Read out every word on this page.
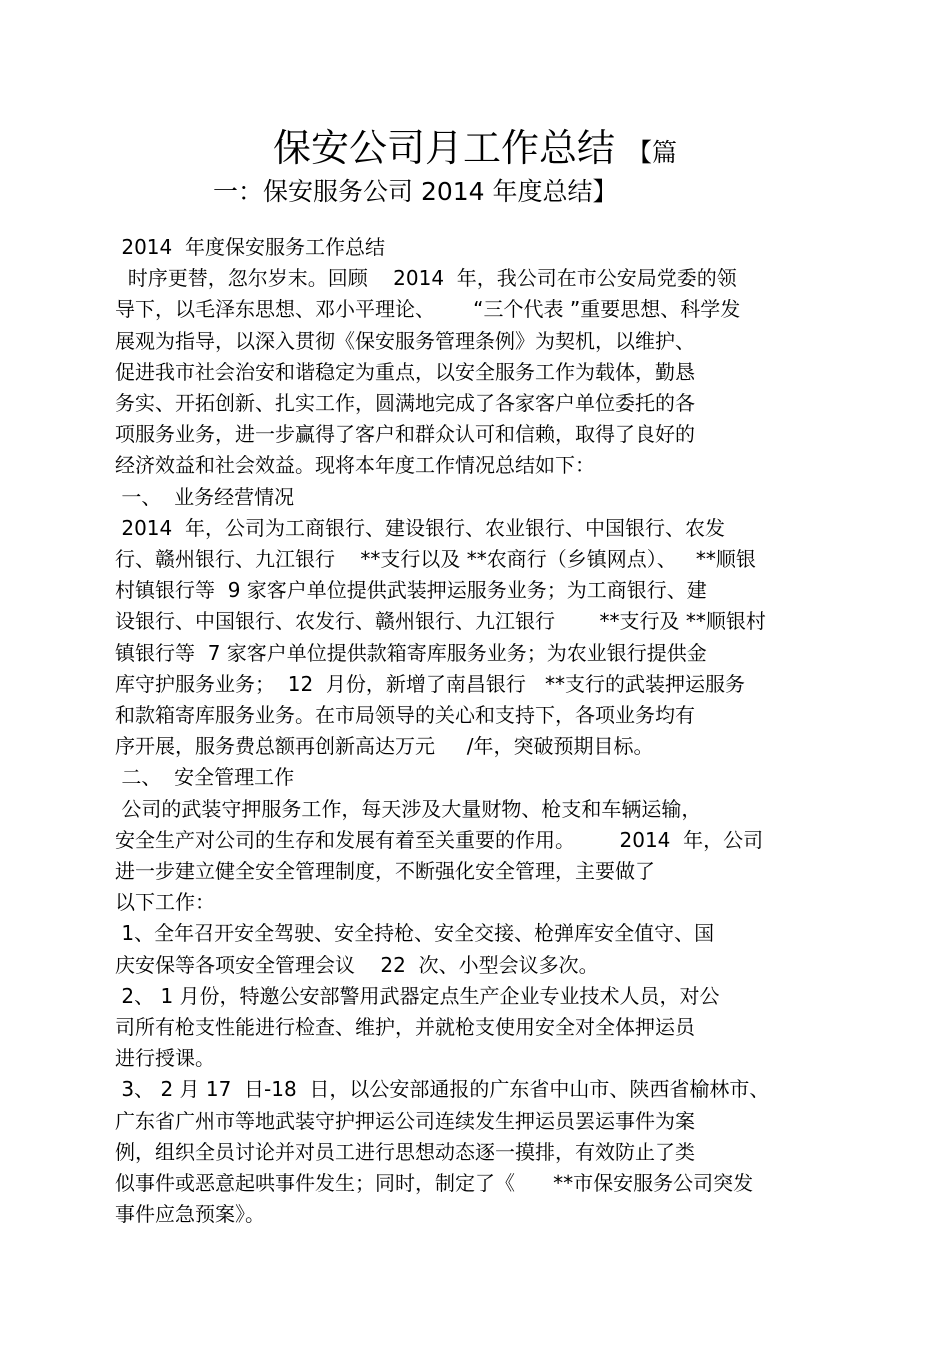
保安公司月工作总结 【篇
一：保安服务公司 2014 年度总结】
2014  年度保安服务工作总结
时序更替，忽尔岁末。回顾    2014  年，我公司在市公安局党委的领
导下，以毛泽东思想、邓小平理论、      “三个代表 ”重要思想、科学发
展观为指导，以深入贯彻《保安服务管理条例》为契机，以维护、
促进我市社会治安和谐稳定为重点，以安全服务工作为载体，勤恳
务实、开拓创新、扎实工作，圆满地完成了各家客户单位委托的各
项服务业务，进一步赢得了客户和群众认可和信赖，取得了良好的
经济效益和社会效益。现将本年度工作情况总结如下：
一、  业务经营情况
2014  年，公司为工商银行、建设银行、农业银行、中国银行、农发
行、赣州银行、九江银行    **支行以及 **农商行（乡镇网点）、   **顺银
村镇银行等  9 家客户单位提供武装押运服务业务；为工商银行、建
设银行、中国银行、农发行、赣州银行、九江银行       **支行及 **顺银村
镇银行等  7 家客户单位提供款箱寄库服务业务；为农业银行提供金
库守护服务业务；  12  月份，新增了南昌银行   **支行的武装押运服务
和款箱寄库服务业务。在市局领导的关心和支持下，各项业务均有
序开展，服务费总额再创新高达万元     /年，突破预期目标。
二、  安全管理工作
公司的武装守押服务工作，每天涉及大量财物、枪支和车辆运输，
安全生产对公司的生存和发展有着至关重要的作用。       2014  年，公司
进一步建立健全安全管理制度，不断强化安全管理，主要做了
以下工作：
1、全年召开安全驾驶、安全持枪、安全交接、枪弹库安全值守、国
庆安保等各项安全管理会议    22  次、小型会议多次。
2、 1 月份，特邀公安部警用武器定点生产企业专业技术人员，对公
司所有枪支性能进行检查、维护，并就枪支使用安全对全体押运员
进行授课。
3、 2 月 17  日-18  日，以公安部通报的广东省中山市、陕西省榆林市、
广东省广州市等地武装守护押运公司连续发生押运员罢运事件为案
例，组织全员讨论并对员工进行思想动态逐一摸排，有效防止了类
似事件或恶意起哄事件发生；同时，制定了《      **市保安服务公司突发
事件应急预案》。
